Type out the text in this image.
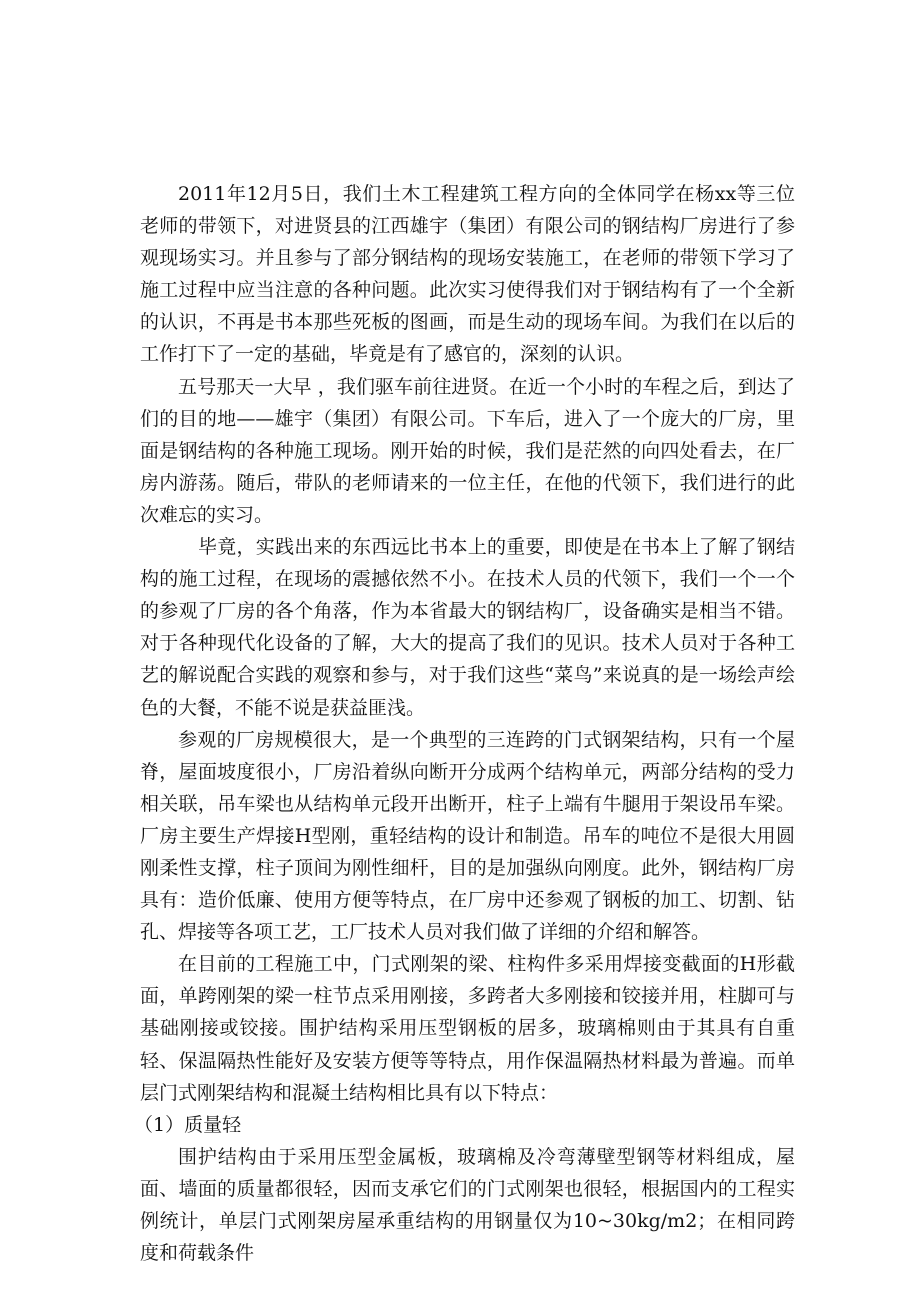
2011年12月5日，我们土木工程建筑工程方向的全体同学在杨xx等三位老师的带领下，对进贤县的江西雄宇（集团）有限公司的钢结构厂房进行了参观现场实习。并且参与了部分钢结构的现场安装施工，在老师的带领下学习了施工过程中应当注意的各种问题。此次实习使得我们对于钢结构有了一个全新的认识，不再是书本那些死板的图画，而是生动的现场车间。为我们在以后的工作打下了一定的基础，毕竟是有了感官的，深刻的认识。

五号那天一大早 ，我们驱车前往进贤。在近一个小时的车程之后，到达了们的目的地——雄宇（集团）有限公司。下车后，进入了一个庞大的厂房，里面是钢结构的各种施工现场。刚开始的时候，我们是茫然的向四处看去，在厂房内游荡。随后，带队的老师请来的一位主任，在他的代领下，我们进行的此次难忘的实习。

毕竟，实践出来的东西远比书本上的重要，即使是在书本上了解了钢结构的施工过程，在现场的震撼依然不小。在技术人员的代领下，我们一个一个的参观了厂房的各个角落，作为本省最大的钢结构厂，设备确实是相当不错。对于各种现代化设备的了解，大大的提高了我们的见识。技术人员对于各种工艺的解说配合实践的观察和参与，对于我们这些“菜鸟”来说真的是一场绘声绘色的大餐，不能不说是获益匪浅。

参观的厂房规模很大，是一个典型的三连跨的门式钢架结构，只有一个屋脊，屋面坡度很小，厂房沿着纵向断开分成两个结构单元，两部分结构的受力相关联，吊车梁也从结构单元段开出断开，柱子上端有牛腿用于架设吊车梁。厂房主要生产焊接H型刚，重轻结构的设计和制造。吊车的吨位不是很大用圆刚柔性支撑，柱子顶间为刚性细杆，目的是加强纵向刚度。此外，钢结构厂房具有：造价低廉、使用方便等特点，在厂房中还参观了钢板的加工、切割、钻孔、焊接等各项工艺，工厂技术人员对我们做了详细的介绍和解答。

在目前的工程施工中，门式刚架的梁、柱构件多采用焊接变截面的H形截面，单跨刚架的梁一柱节点采用刚接，多跨者大多刚接和铰接并用，柱脚可与基础刚接或铰接。围护结构采用压型钢板的居多，玻璃棉则由于其具有自重轻、保温隔热性能好及安装方便等等特点，用作保温隔热材料最为普遍。而单层门式刚架结构和混凝土结构相比具有以下特点：

（1）质量轻

围护结构由于采用压型金属板，玻璃棉及冷弯薄壁型钢等材料组成，屋面、墙面的质量都很轻，因而支承它们的门式刚架也很轻，根据国内的工程实例统计，单层门式刚架房屋承重结构的用钢量仅为10~30kg/m2；在相同跨度和荷载条件
